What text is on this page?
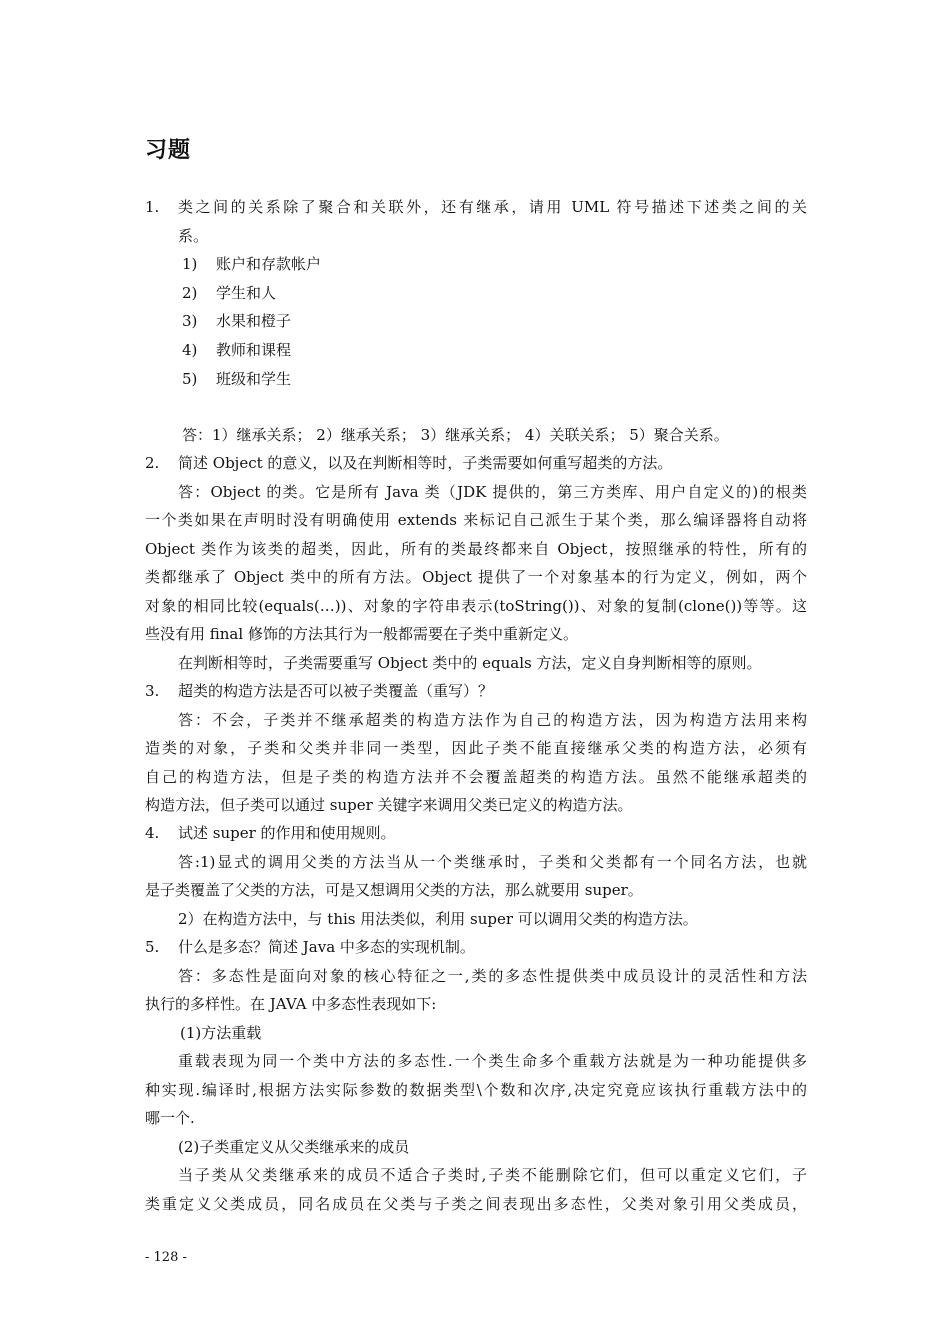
习题
1. 类之间的关系除了聚合和关联外，还有继承，请用 UML 符号描述下述类之间的关
系。
1) 账户和存款帐户
2) 学生和人
3) 水果和橙子
4) 教师和课程
5) 班级和学生
答：1）继承关系； 2）继承关系； 3）继承关系； 4）关联关系； 5）聚合关系。
2. 简述 Object 的意义，以及在判断相等时，子类需要如何重写超类的方法。
答：Object 的类。它是所有 Java 类（JDK 提供的，第三方类库、用户自定义的)的根类
一个类如果在声明时没有明确使用 extends 来标记自己派生于某个类，那么编译器将自动将
Object 类作为该类的超类，因此，所有的类最终都来自 Object，按照继承的特性，所有的
类都继承了 Object 类中的所有方法。Object 提供了一个对象基本的行为定义，例如，两个
对象的相同比较(equals(…))、对象的字符串表示(toString())、对象的复制(clone())等等。这
些没有用 final 修饰的方法其行为一般都需要在子类中重新定义。
在判断相等时，子类需要重写 Object 类中的 equals 方法，定义自身判断相等的原则。
3. 超类的构造方法是否可以被子类覆盖（重写）？
答：不会，子类并不继承超类的构造方法作为自己的构造方法，因为构造方法用来构
造类的对象，子类和父类并非同一类型，因此子类不能直接继承父类的构造方法，必须有
自己的构造方法，但是子类的构造方法并不会覆盖超类的构造方法。虽然不能继承超类的
构造方法，但子类可以通过 super 关键字来调用父类已定义的构造方法。
4. 试述 super 的作用和使用规则。
答:1)显式的调用父类的方法当从一个类继承时，子类和父类都有一个同名方法，也就
是子类覆盖了父类的方法，可是又想调用父类的方法，那么就要用 super。
2）在构造方法中，与 this 用法类似，利用 super 可以调用父类的构造方法。
5. 什么是多态？简述 Java 中多态的实现机制。
答：多态性是面向对象的核心特征之一,类的多态性提供类中成员设计的灵活性和方法
执行的多样性。在 JAVA 中多态性表现如下:
(1)方法重载
重载表现为同一个类中方法的多态性.一个类生命多个重载方法就是为一种功能提供多
种实现.编译时,根据方法实际参数的数据类型\个数和次序,决定究竟应该执行重载方法中的
哪一个.
(2)子类重定义从父类继承来的成员
当子类从父类继承来的成员不适合子类时,子类不能删除它们，但可以重定义它们，子
类重定义父类成员，同名成员在父类与子类之间表现出多态性，父类对象引用父类成员，
- 128 -
